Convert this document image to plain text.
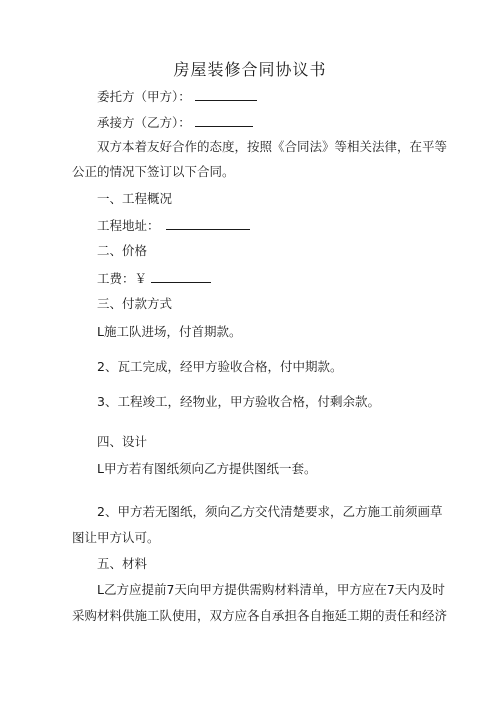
房屋装修合同协议书
委托方（甲方）：
承接方（乙方）：
双方本着友好合作的态度，按照《合同法》等相关法律，在平等
公正的情况下签订以下合同。
一、工程概况
工程地址：
二、价格
工费：￥
三、付款方式
L施工队进场，付首期款。
2、瓦工完成，经甲方验收合格，付中期款。
3、工程竣工，经物业，甲方验收合格，付剩余款。
四、设计
L甲方若有图纸须向乙方提供图纸一套。
2、甲方若无图纸，须向乙方交代清楚要求，乙方施工前须画草
图让甲方认可。
五、材料
L乙方应提前7天向甲方提供需购材料清单，甲方应在7天内及时
采购材料供施工队使用，双方应各自承担各自拖延工期的责任和经济
